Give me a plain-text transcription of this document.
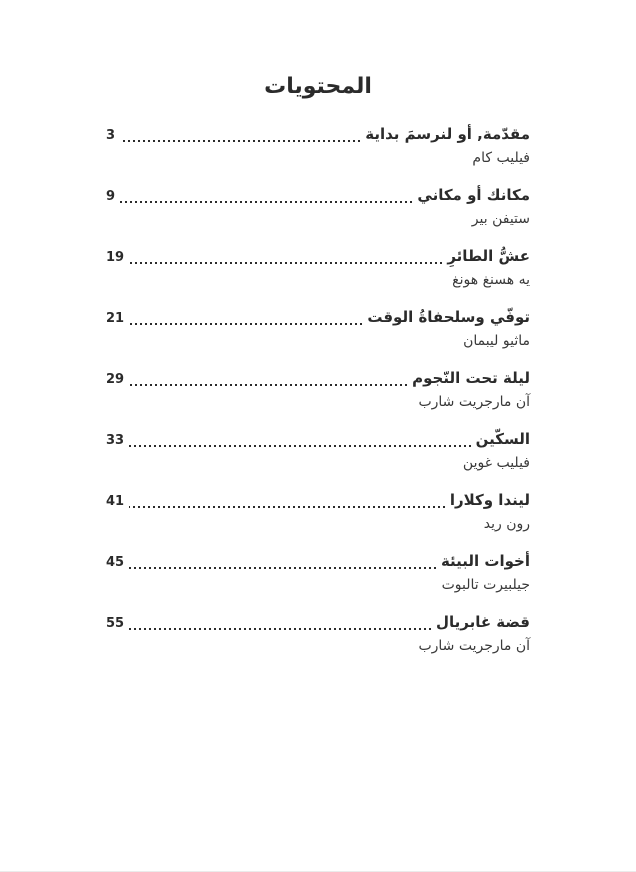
المحتويات
مقدّمة, أو لنرسمَ بداية
3
فيليب كام
مكانك أو مكاني
9
ستيفن بير
عشُّ الطائرِ
19
يه هسنغ هونغ
توفّي وسلحفاةُ الوقت
21
ماثيو ليبمان
ليلة تحت النّجوم
29
آن مارجريت شارب
السكّين
33
فيليب غوين
ليندا وكلارا
41
رون ريد
أخوات البيئة
45
جيلبيرت تالبوت
قضة غابريال
55
آن مارجريت شارب
